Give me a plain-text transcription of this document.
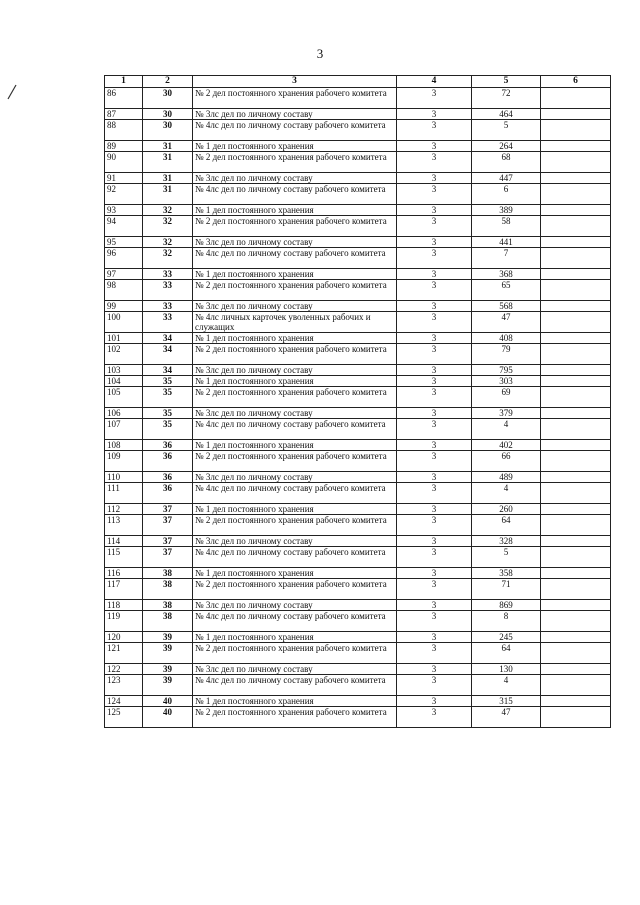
3
1	2	3	4	5	6
86	30	№ 2 дел постоянного хранения рабочего комитета	3	72	
87	30	№ 3лс дел по личному составу	3	464	
88	30	№ 4лс дел по личному составу рабочего комитета	3	5	
89	31	№ 1 дел постоянного хранения	3	264	
90	31	№ 2 дел постоянного хранения рабочего комитета	3	68	
91	31	№ 3лс дел по личному составу	3	447	
92	31	№ 4лс дел по личному составу рабочего комитета	3	6	
93	32	№ 1 дел постоянного хранения	3	389	
94	32	№ 2 дел постоянного хранения рабочего комитета	3	58	
95	32	№ 3лс дел по личному составу	3	441	
96	32	№ 4лс дел по личному составу рабочего комитета	3	7	
97	33	№ 1 дел постоянного хранения	3	368	
98	33	№ 2 дел постоянного хранения рабочего комитета	3	65	
99	33	№ 3лс дел по личному составу	3	568	
100	33	№ 4лс личных карточек уволенных рабочих и служащих	3	47	
101	34	№ 1 дел постоянного хранения	3	408	
102	34	№ 2 дел постоянного хранения рабочего комитета	3	79	
103	34	№ 3лс дел по личному составу	3	795	
104	35	№ 1 дел постоянного хранения	3	303	
105	35	№ 2 дел постоянного хранения рабочего комитета	3	69	
106	35	№ 3лс дел по личному составу	3	379	
107	35	№ 4лс дел по личному составу рабочего комитета	3	4	
108	36	№ 1 дел постоянного хранения	3	402	
109	36	№ 2 дел постоянного хранения рабочего комитета	3	66	
110	36	№ 3лс дел по личному составу	3	489	
111	36	№ 4лс дел по личному составу рабочего комитета	3	4	
112	37	№ 1 дел постоянного хранения	3	260	
113	37	№ 2 дел постоянного хранения рабочего комитета	3	64	
114	37	№ 3лс дел по личному составу	3	328	
115	37	№ 4лс дел по личному составу рабочего комитета	3	5	
116	38	№ 1 дел постоянного хранения	3	358	
117	38	№ 2 дел постоянного хранения рабочего комитета	3	71	
118	38	№ 3лс дел по личному составу	3	869	
119	38	№ 4лс дел по личному составу рабочего комитета	3	8	
120	39	№ 1 дел постоянного хранения	3	245	
121	39	№ 2 дел постоянного хранения рабочего комитета	3	64	
122	39	№ 3лс дел по личному составу	3	130	
123	39	№ 4лс дел по личному составу рабочего комитета	3	4	
124	40	№ 1 дел постоянного хранения	3	315	
125	40	№ 2 дел постоянного хранения рабочего комитета	3	47	
